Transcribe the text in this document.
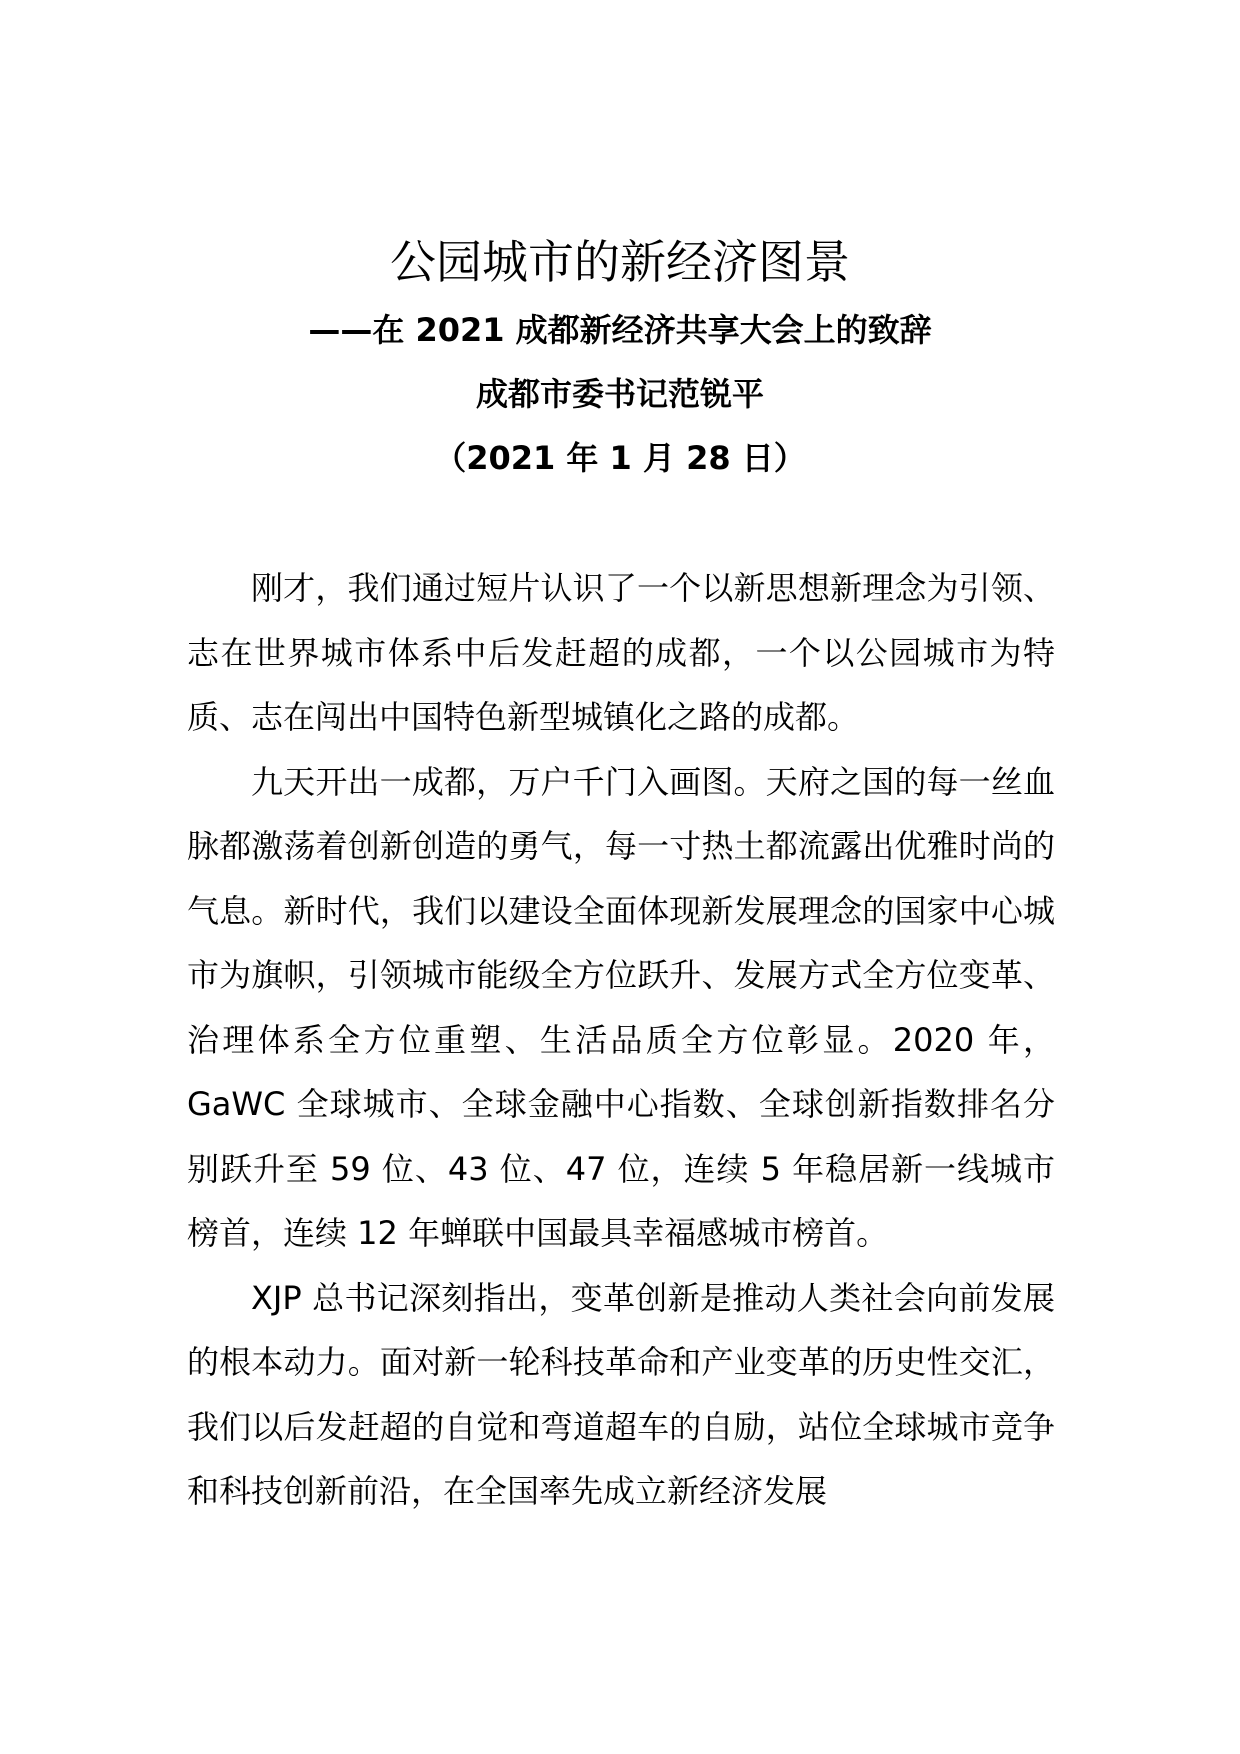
公园城市的新经济图景
——在 2021 成都新经济共享大会上的致辞
成都市委书记范锐平
（2021 年 1 月 28 日）

刚才，我们通过短片认识了一个以新思想新理念为引领、志在世界城市体系中后发赶超的成都，一个以公园城市为特质、志在闯出中国特色新型城镇化之路的成都。

九天开出一成都，万户千门入画图。天府之国的每一丝血脉都激荡着创新创造的勇气，每一寸热土都流露出优雅时尚的气息。新时代，我们以建设全面体现新发展理念的国家中心城市为旗帜，引领城市能级全方位跃升、发展方式全方位变革、治理体系全方位重塑、生活品质全方位彰显。2020 年，GaWC 全球城市、全球金融中心指数、全球创新指数排名分别跃升至 59 位、43 位、47 位，连续 5 年稳居新一线城市榜首，连续 12 年蝉联中国最具幸福感城市榜首。

XJP 总书记深刻指出，变革创新是推动人类社会向前发展的根本动力。面对新一轮科技革命和产业变革的历史性交汇，我们以后发赶超的自觉和弯道超车的自励，站位全球城市竞争和科技创新前沿，在全国率先成立新经济发展
